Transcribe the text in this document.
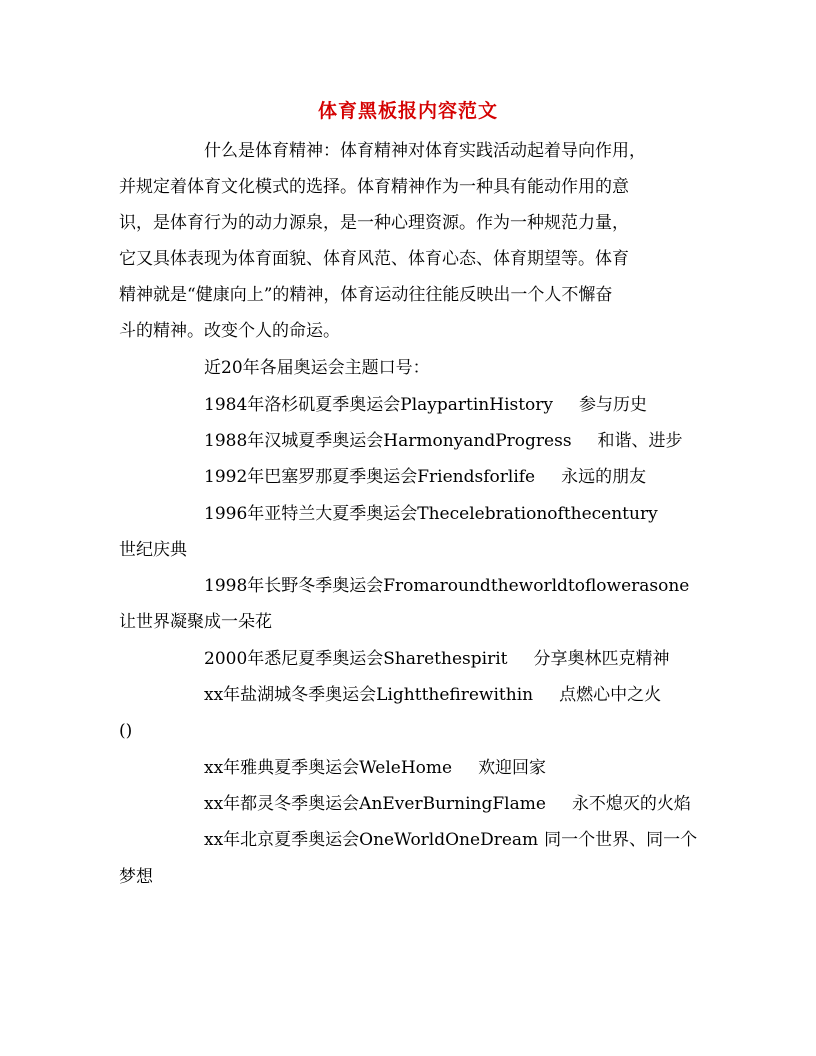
体育黑板报内容范文
什么是体育精神：体育精神对体育实践活动起着导向作用，
并规定着体育文化模式的选择。体育精神作为一种具有能动作用的意
识，是体育行为的动力源泉，是一种心理资源。作为一种规范力量，
它又具体表现为体育面貌、体育风范、体育心态、体育期望等。体育
精神就是“健康向上”的精神，体育运动往往能反映出一个人不懈奋
斗的精神。改变个人的命运。
近20年各届奥运会主题口号：
1984年洛杉矶夏季奥运会PlaypartinHistory 参与历史
1988年汉城夏季奥运会HarmonyandProgress 和谐、进步
1992年巴塞罗那夏季奥运会Friendsforlife 永远的朋友
1996年亚特兰大夏季奥运会Thecelebrationofthecentury
世纪庆典
1998年长野冬季奥运会Fromaroundtheworldtoflowerasone
让世界凝聚成一朵花
2000年悉尼夏季奥运会Sharethespirit 分享奥林匹克精神
xx年盐湖城冬季奥运会Lightthefirewithin 点燃心中之火
()
xx年雅典夏季奥运会WeleHome 欢迎回家
xx年都灵冬季奥运会AnEverBurningFlame 永不熄灭的火焰
xx年北京夏季奥运会OneWorldOneDream 同一个世界、同一个
梦想
